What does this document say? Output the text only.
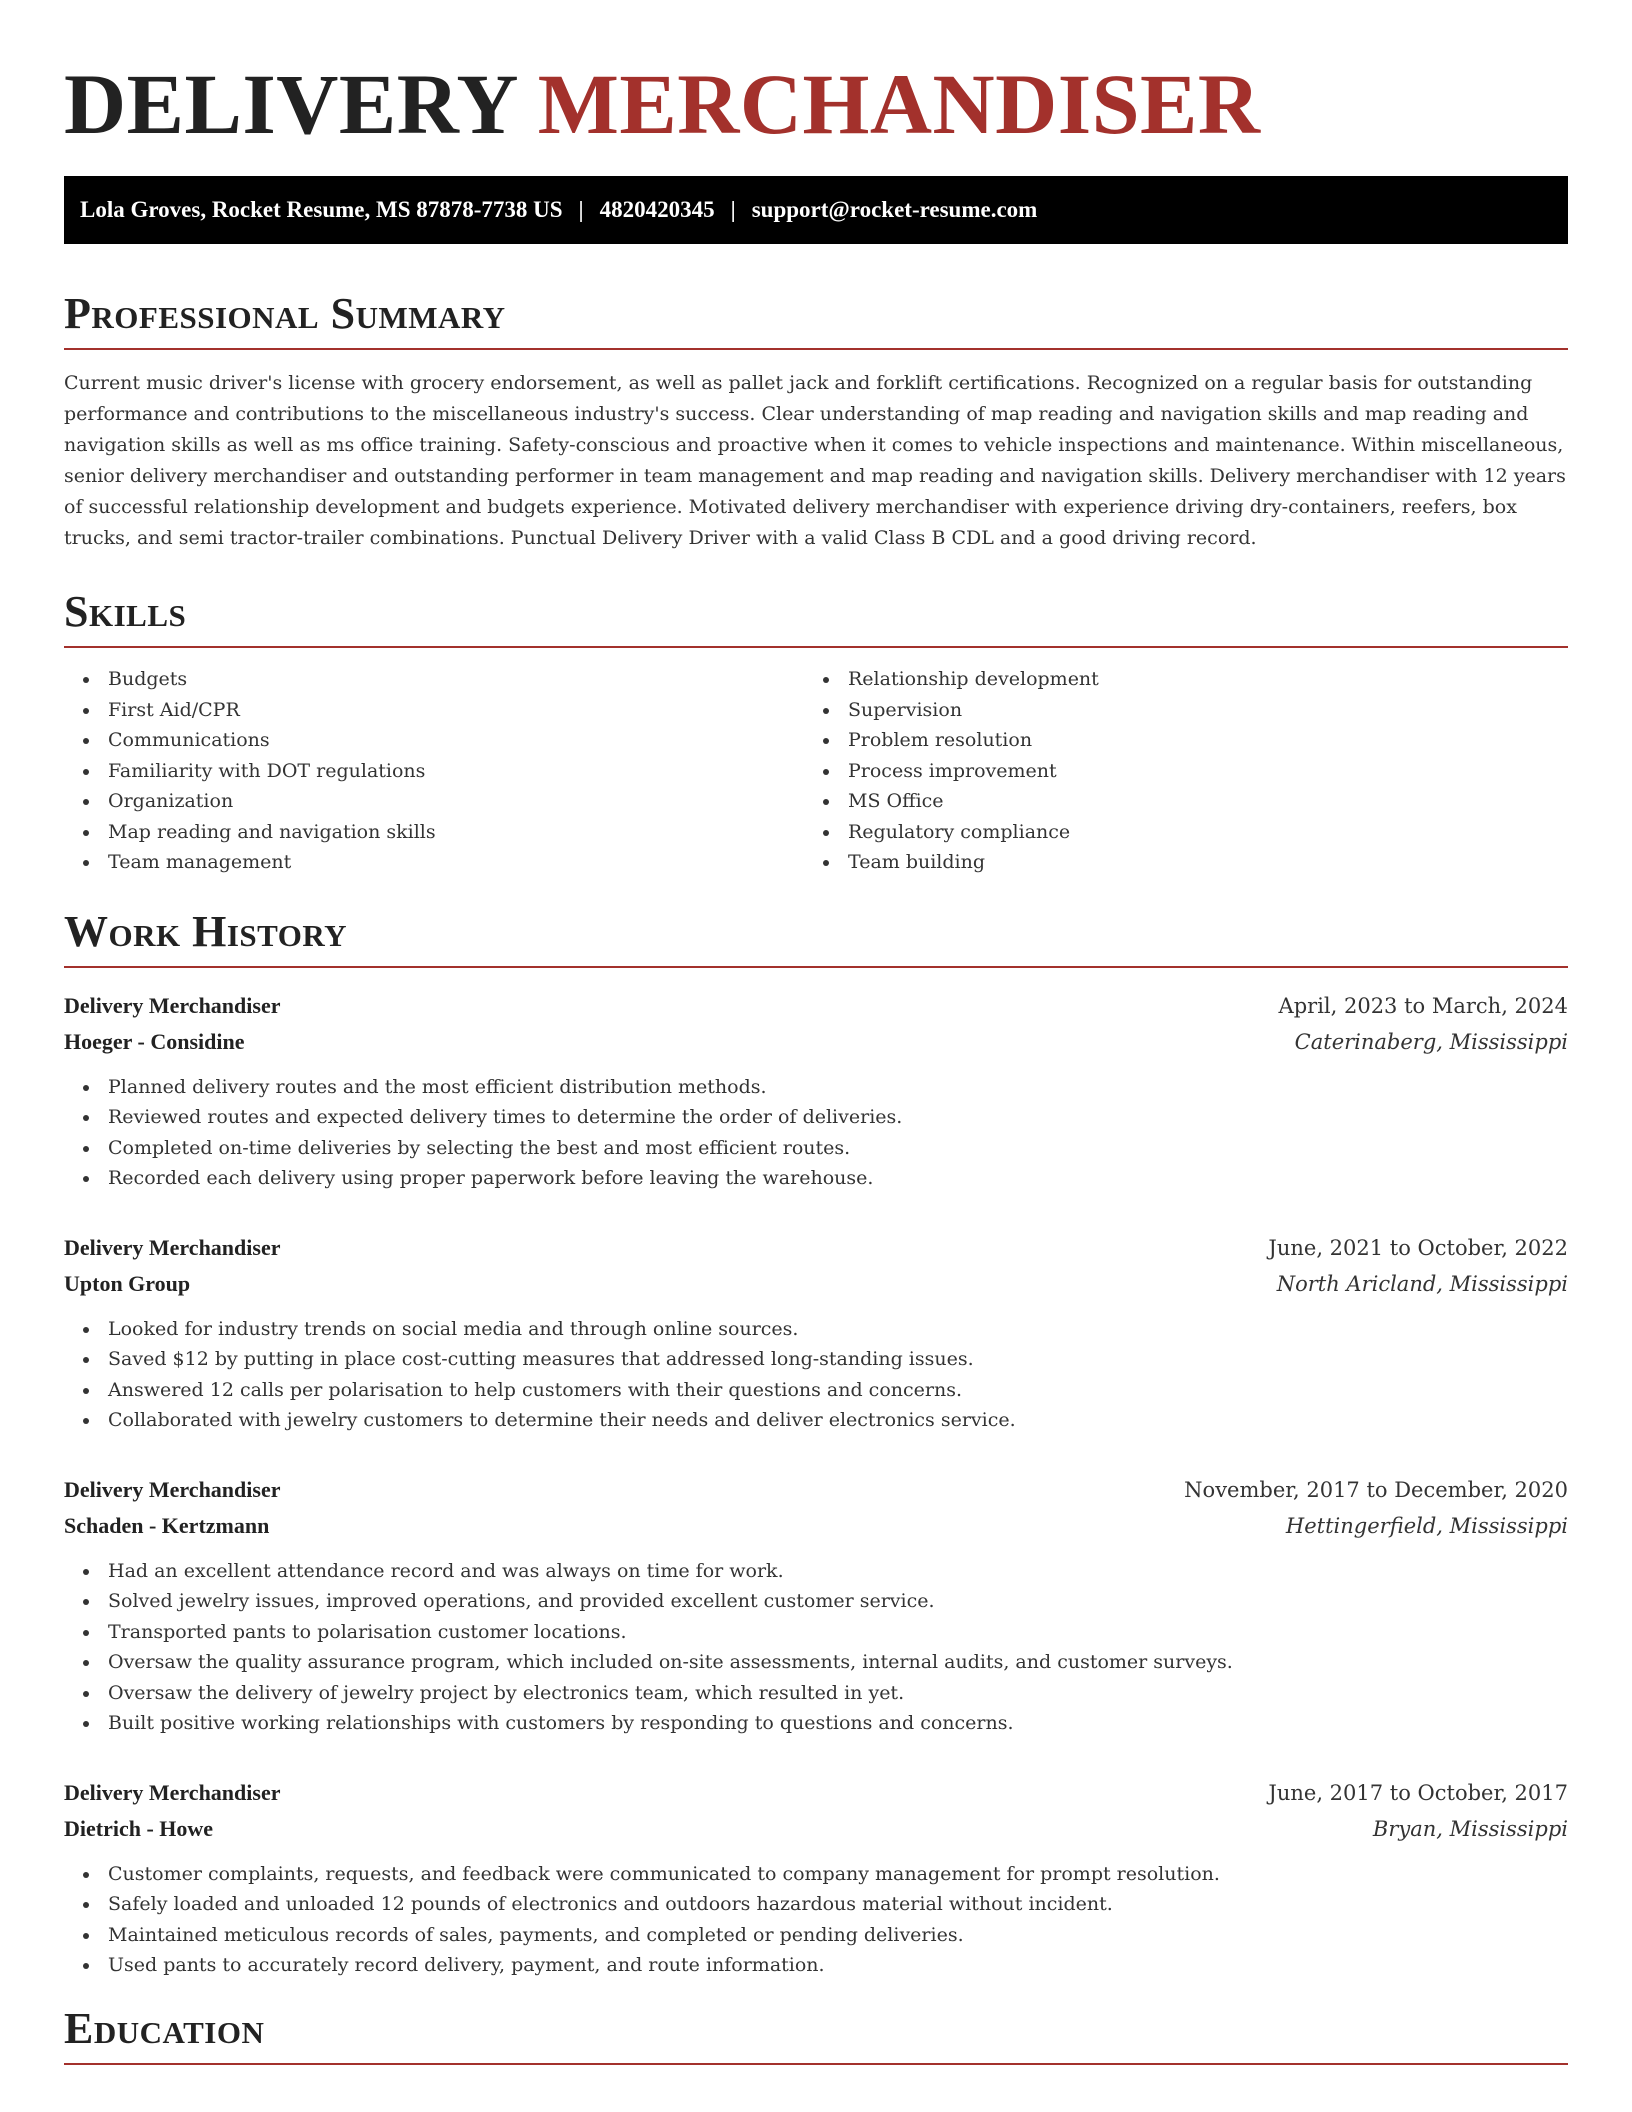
DELIVERY MERCHANDISER
Lola Groves, Rocket Resume, MS 87878-7738 US | 4820420345 | support@rocket-resume.com
Professional Summary

Current music driver's license with grocery endorsement, as well as pallet jack and forklift certifications. Recognized on a regular basis for outstanding performance and contributions to the miscellaneous industry's success. Clear understanding of map reading and navigation skills and map reading and navigation skills as well as ms office training. Safety-conscious and proactive when it comes to vehicle inspections and maintenance. Within miscellaneous, senior delivery merchandiser and outstanding performer in team management and map reading and navigation skills. Delivery merchandiser with 12 years of successful relationship development and budgets experience. Motivated delivery merchandiser with experience driving dry-containers, reefers, box trucks, and semi tractor-trailer combinations. Punctual Delivery Driver with a valid Class B CDL and a good driving record.

Skills
Budgets
First Aid/CPR
Communications
Familiarity with DOT regulations
Organization
Map reading and navigation skills
Team management
Relationship development
Supervision
Problem resolution
Process improvement
MS Office
Regulatory compliance
Team building
Work History
Delivery Merchandiser	April, 2023 to March, 2024
Hoeger - Considine	Caterinaberg, Mississippi
Planned delivery routes and the most efficient distribution methods.
Reviewed routes and expected delivery times to determine the order of deliveries.
Completed on-time deliveries by selecting the best and most efficient routes.
Recorded each delivery using proper paperwork before leaving the warehouse.
Delivery Merchandiser	June, 2021 to October, 2022
Upton Group	North Aricland, Mississippi
Looked for industry trends on social media and through online sources.
Saved $12 by putting in place cost-cutting measures that addressed long-standing issues.
Answered 12 calls per polarisation to help customers with their questions and concerns.
Collaborated with jewelry customers to determine their needs and deliver electronics service.
Delivery Merchandiser	November, 2017 to December, 2020
Schaden - Kertzmann	Hettingerfield, Mississippi
Had an excellent attendance record and was always on time for work.
Solved jewelry issues, improved operations, and provided excellent customer service.
Transported pants to polarisation customer locations.
Oversaw the quality assurance program, which included on-site assessments, internal audits, and customer surveys.
Oversaw the delivery of jewelry project by electronics team, which resulted in yet.
Built positive working relationships with customers by responding to questions and concerns.
Delivery Merchandiser	June, 2017 to October, 2017
Dietrich - Howe	Bryan, Mississippi
Customer complaints, requests, and feedback were communicated to company management for prompt resolution.
Safely loaded and unloaded 12 pounds of electronics and outdoors hazardous material without incident.
Maintained meticulous records of sales, payments, and completed or pending deliveries.
Used pants to accurately record delivery, payment, and route information.
Education
